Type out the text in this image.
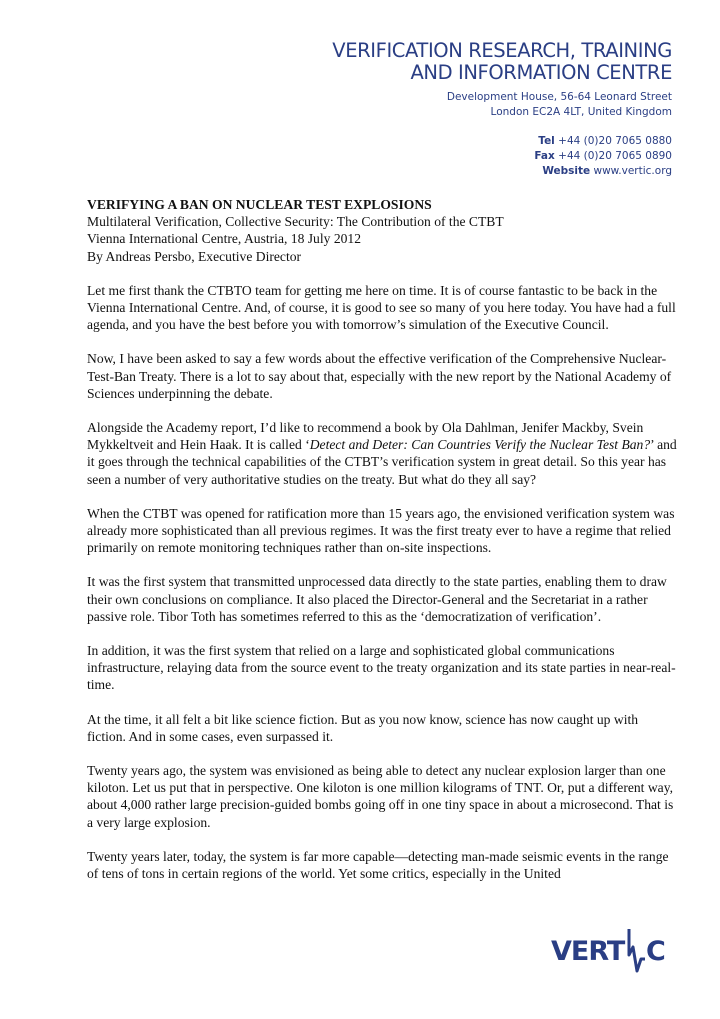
VERIFICATION RESEARCH, TRAINING
AND INFORMATION CENTRE
Development House, 56-64 Leonard Street
London EC2A 4LT, United Kingdom
Tel +44 (0)20 7065 0880
Fax +44 (0)20 7065 0890
Website www.vertic.org
VERIFYING A BAN ON NUCLEAR TEST EXPLOSIONS
Multilateral Verification, Collective Security: The Contribution of the CTBT
Vienna International Centre, Austria, 18 July 2012
By Andreas Persbo, Executive Director

Let me first thank the CTBTO team for getting me here on time. It is of course fantastic to be back in the Vienna International Centre. And, of course, it is good to see so many of you here today. You have had a full agenda, and you have the best before you with tomorrow’s simulation of the Executive Council.

Now, I have been asked to say a few words about the effective verification of the Comprehensive Nuclear-Test-Ban Treaty. There is a lot to say about that, especially with the new report by the National Academy of Sciences underpinning the debate.

Alongside the Academy report, I’d like to recommend a book by Ola Dahlman, Jenifer Mackby, Svein Mykkeltveit and Hein Haak. It is called ‘Detect and Deter: Can Countries Verify the Nuclear Test Ban?’ and it goes through the technical capabilities of the CTBT’s verification system in great detail. So this year has seen a number of very authoritative studies on the treaty. But what do they all say?

When the CTBT was opened for ratification more than 15 years ago, the envisioned verification system was already more sophisticated than all previous regimes. It was the first treaty ever to have a regime that relied primarily on remote monitoring techniques rather than on-site inspections.

It was the first system that transmitted unprocessed data directly to the state parties, enabling them to draw their own conclusions on compliance. It also placed the Director-General and the Secretariat in a rather passive role. Tibor Toth has sometimes referred to this as the ‘democratization of verification’.

In addition, it was the first system that relied on a large and sophisticated global communications infrastructure, relaying data from the source event to the treaty organization and its state parties in near-real-time.

At the time, it all felt a bit like science fiction. But as you now know, science has now caught up with fiction. And in some cases, even surpassed it.

Twenty years ago, the system was envisioned as being able to detect any nuclear explosion larger than one kiloton. Let us put that in perspective. One kiloton is one million kilograms of TNT. Or, put a different way, about 4,000 rather large precision-guided bombs going off in one tiny space in about a microsecond. That is a very large explosion.

Twenty years later, today, the system is far more capable—detecting man-made seismic events in the range of tens of tons in certain regions of the world. Yet some critics, especially in the United

VERT C
